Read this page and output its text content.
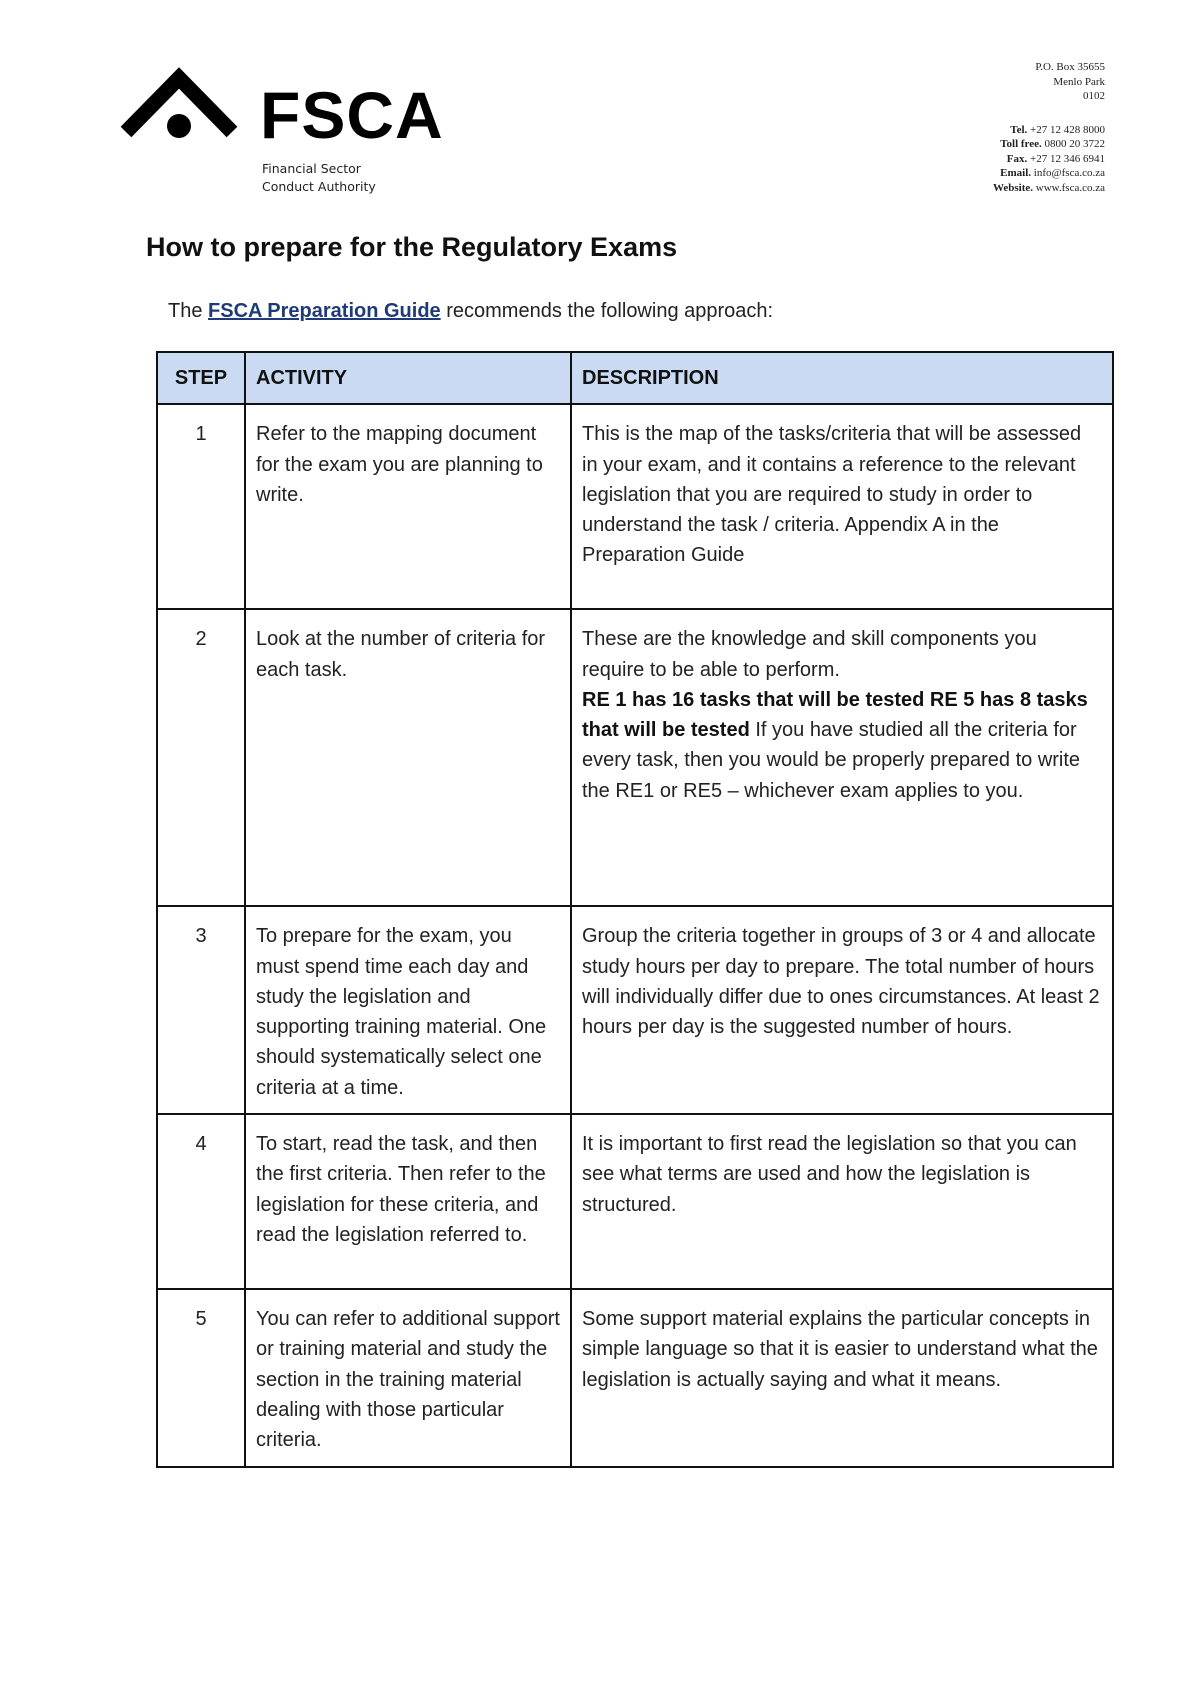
FSCA
Financial Sector
Conduct Authority
P.O. Box 35655
Menlo Park
0102
Tel. +27 12 428 8000
Toll free. 0800 20 3722
Fax. +27 12 346 6941
Email. info@fsca.co.za
Website. www.fsca.co.za
How to prepare for the Regulatory Exams
The FSCA Preparation Guide recommends the following approach:
STEP	ACTIVITY	DESCRIPTION
1	Refer to the mapping document for the exam you are planning to write.	This is the map of the tasks/criteria that will be assessed in your exam, and it contains a reference to the relevant legislation that you are required to study in order to understand the task / criteria. Appendix A in the Preparation Guide
2	Look at the number of criteria for each task.	These are the knowledge and skill components you require to be able to perform.
RE 1 has 16 tasks that will be tested RE 5 has 8 tasks that will be tested If you have studied all the criteria for every task, then you would be properly prepared to write the RE1 or RE5 – whichever exam applies to you.
3	To prepare for the exam, you must spend time each day and study the legislation and supporting training material. One should systematically select one criteria at a time.	Group the criteria together in groups of 3 or 4 and allocate study hours per day to prepare. The total number of hours will individually differ due to ones circumstances. At least 2 hours per day is the suggested number of hours.
4	To start, read the task, and then the first criteria. Then refer to the legislation for these criteria, and read the legislation referred to.	It is important to first read the legislation so that you can see what terms are used and how the legislation is structured.
5	You can refer to additional support or training material and study the section in the training material dealing with those particular criteria.	Some support material explains the particular concepts in simple language so that it is easier to understand what the legislation is actually saying and what it means.
